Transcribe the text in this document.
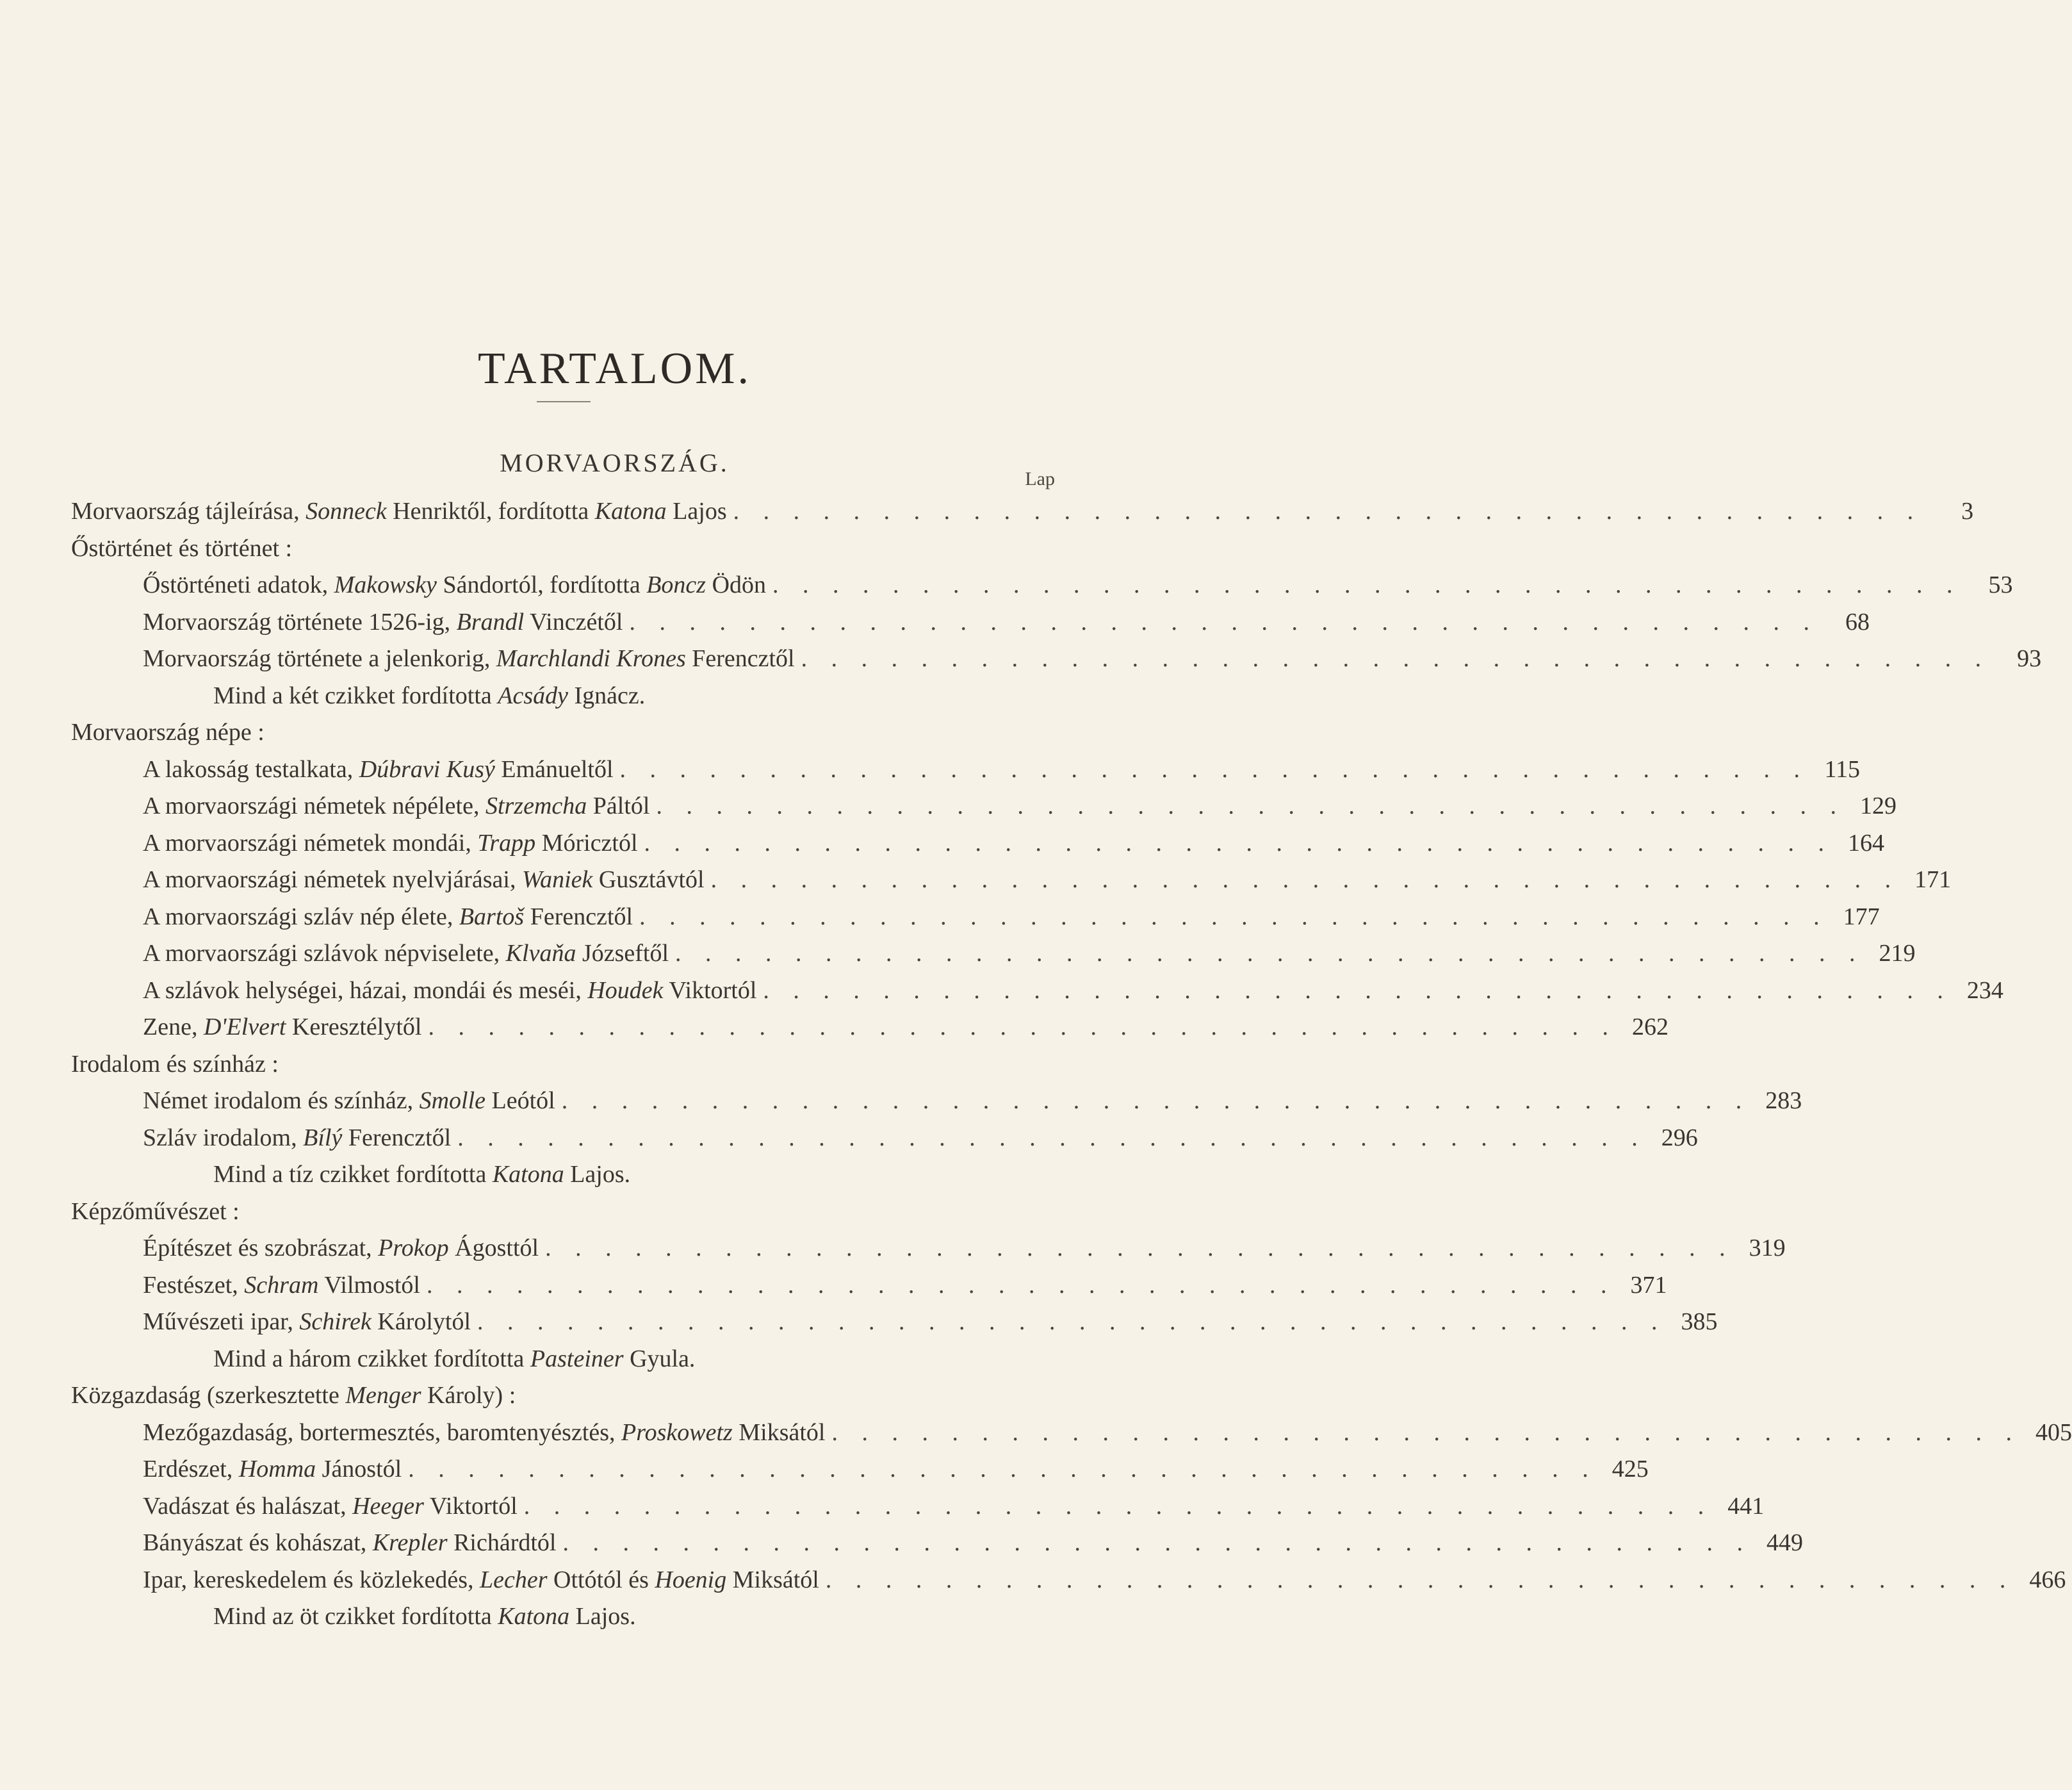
TARTALOM.
MORVAORSZÁG.
Lap
Morvaország tájleírása, Sonneck Henriktől, fordította Katona Lajos . . . . . . . . . . . . . . . . . . . . . . . . . . . . . . . . . . . . . . . .	3
Őstörténet és történet :
Őstörténeti adatok, Makowsky Sándortól, fordította Boncz Ödön . . . . . . . . . . . . . . . . . . . . . . . . . . . . . . . . . . . . . . . .	53
Morvaország története 1526-ig, Brandl Vinczétől . . . . . . . . . . . . . . . . . . . . . . . . . . . . . . . . . . . . . . . .	68
Morvaország története a jelenkorig, Marchlandi Krones Ferencztől . . . . . . . . . . . . . . . . . . . . . . . . . . . . . . . . . . . . . . . .	93
Mind a két czikket fordította Acsády Ignácz.
Morvaország népe :
A lakosság testalkata, Dúbravi Kusý Emánueltől . . . . . . . . . . . . . . . . . . . . . . . . . . . . . . . . . . . . . . . . 115
A morvaországi németek népélete, Strzemcha Páltól . . . . . . . . . . . . . . . . . . . . . . . . . . . . . . . . . . . . . . . . 129
A morvaországi németek mondái, Trapp Móricztól . . . . . . . . . . . . . . . . . . . . . . . . . . . . . . . . . . . . . . . . 164
A morvaországi németek nyelvjárásai, Waniek Gusztávtól . . . . . . . . . . . . . . . . . . . . . . . . . . . . . . . . . . . . . . . . 171
A morvaországi szláv nép élete, Bartoš Ferencztől . . . . . . . . . . . . . . . . . . . . . . . . . . . . . . . . . . . . . . . . 177
A morvaországi szlávok népviselete, Klvaňa Józseftől . . . . . . . . . . . . . . . . . . . . . . . . . . . . . . . . . . . . . . . . 219
A szlávok helységei, házai, mondái és meséi, Houdek Viktortól . . . . . . . . . . . . . . . . . . . . . . . . . . . . . . . . . . . . . . . . 234
Zene, D'Elvert Keresztélytől . . . . . . . . . . . . . . . . . . . . . . . . . . . . . . . . . . . . . . . . 262
Irodalom és színház :
Német irodalom és színház, Smolle Leótól . . . . . . . . . . . . . . . . . . . . . . . . . . . . . . . . . . . . . . . . 283
Szláv irodalom, Bílý Ferencztől . . . . . . . . . . . . . . . . . . . . . . . . . . . . . . . . . . . . . . . . 296
Mind a tíz czikket fordította Katona Lajos.
Képzőművészet :
Építészet és szobrászat, Prokop Ágosttól . . . . . . . . . . . . . . . . . . . . . . . . . . . . . . . . . . . . . . . . 319
Festészet, Schram Vilmostól . . . . . . . . . . . . . . . . . . . . . . . . . . . . . . . . . . . . . . . . 371
Művészeti ipar, Schirek Károlytól . . . . . . . . . . . . . . . . . . . . . . . . . . . . . . . . . . . . . . . . 385
Mind a három czikket fordította Pasteiner Gyula.
Közgazdaság (szerkesztette Menger Károly) :
Mezőgazdaság, bortermesztés, baromtenyésztés, Proskowetz Miksától . . . . . . . . . . . . . . . . . . . . . . . . . . . . . . . . . . . . . . . . 405
Erdészet, Homma Jánostól . . . . . . . . . . . . . . . . . . . . . . . . . . . . . . . . . . . . . . . . 425
Vadászat és halászat, Heeger Viktortól . . . . . . . . . . . . . . . . . . . . . . . . . . . . . . . . . . . . . . . . 441
Bányászat és kohászat, Krepler Richárdtól . . . . . . . . . . . . . . . . . . . . . . . . . . . . . . . . . . . . . . . . 449
Ipar, kereskedelem és közlekedés, Lecher Ottótól és Hoenig Miksától . . . . . . . . . . . . . . . . . . . . . . . . . . . . . . . . . . . . . . . . 466
Mind az öt czikket fordította Katona Lajos.
